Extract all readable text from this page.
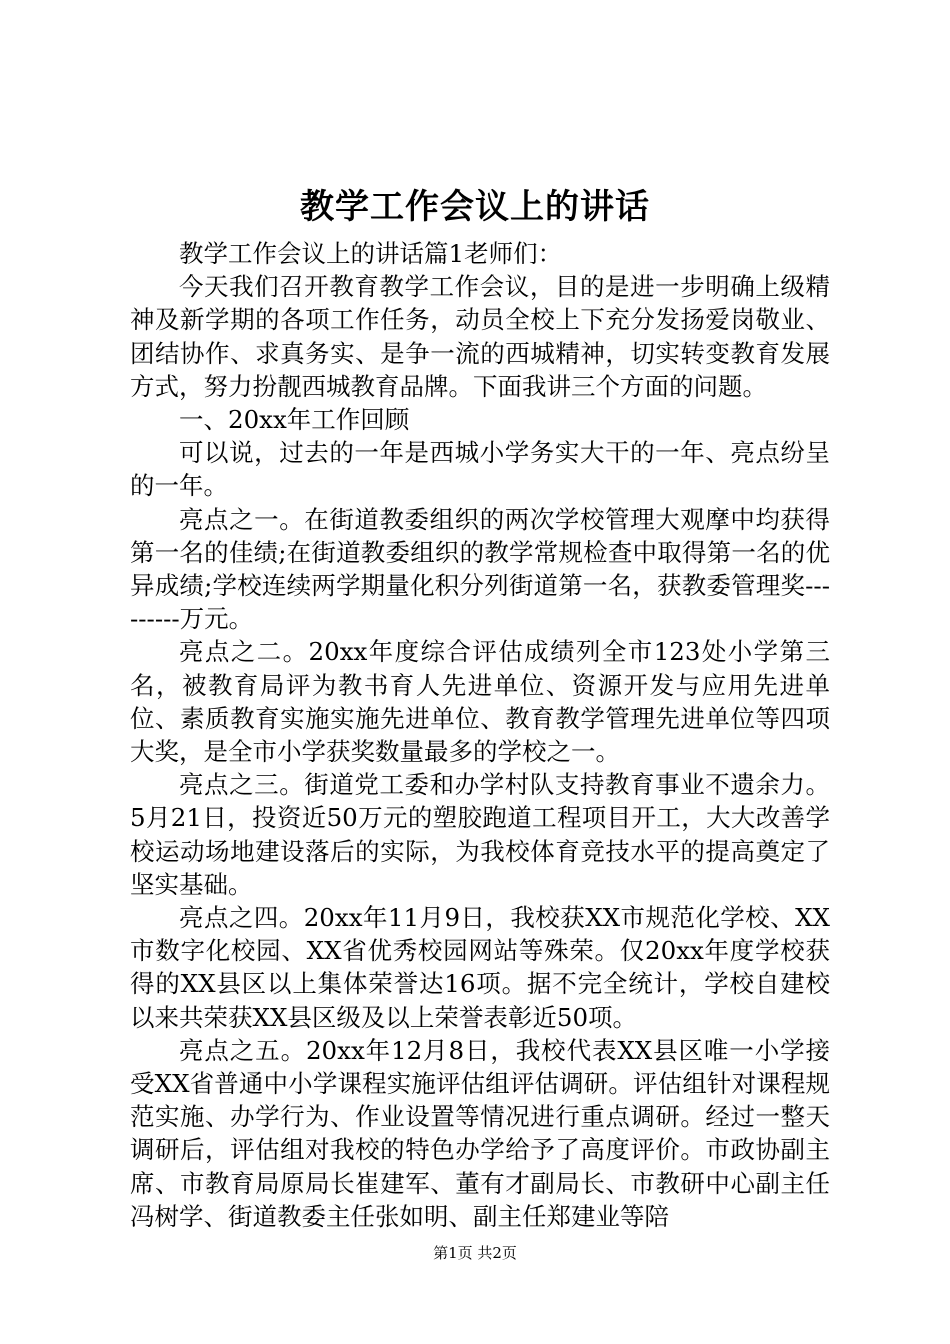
教学工作会议上的讲话

教学工作会议上的讲话篇1老师们：

今天我们召开教育教学工作会议，目的是进一步明确上级精神及新学期的各项工作任务，动员全校上下充分发扬爱岗敬业、团结协作、求真务实、是争一流的西城精神，切实转变教育发展方式，努力扮靓西城教育品牌。下面我讲三个方面的问题。

一、20xx年工作回顾

可以说，过去的一年是西城小学务实大干的一年、亮点纷呈的一年。

亮点之一。在街道教委组织的两次学校管理大观摩中均获得第一名的佳绩;在街道教委组织的教学常规检查中取得第一名的优异成绩;学校连续两学期量化积分列街道第一名，获教委管理奖---------万元。

亮点之二。20xx年度综合评估成绩列全市123处小学第三名，被教育局评为教书育人先进单位、资源开发与应用先进单位、素质教育实施实施先进单位、教育教学管理先进单位等四项大奖，是全市小学获奖数量最多的学校之一。

亮点之三。街道党工委和办学村队支持教育事业不遗余力。5月21日，投资近50万元的塑胶跑道工程项目开工，大大改善学校运动场地建设落后的实际，为我校体育竞技水平的提高奠定了坚实基础。

亮点之四。20xx年11月9日，我校获XX市规范化学校、XX市数字化校园、XX省优秀校园网站等殊荣。仅20xx年度学校获得的XX县区以上集体荣誉达16项。据不完全统计，学校自建校以来共荣获XX县区级及以上荣誉表彰近50项。

亮点之五。20xx年12月8日，我校代表XX县区唯一小学接受XX省普通中小学课程实施评估组评估调研。评估组针对课程规范实施、办学行为、作业设置等情况进行重点调研。经过一整天调研后，评估组对我校的特色办学给予了高度评价。市政协副主席、市教育局原局长崔建军、董有才副局长、市教研中心副主任冯树学、街道教委主任张如明、副主任郑建业等陪

第1页 共2页
